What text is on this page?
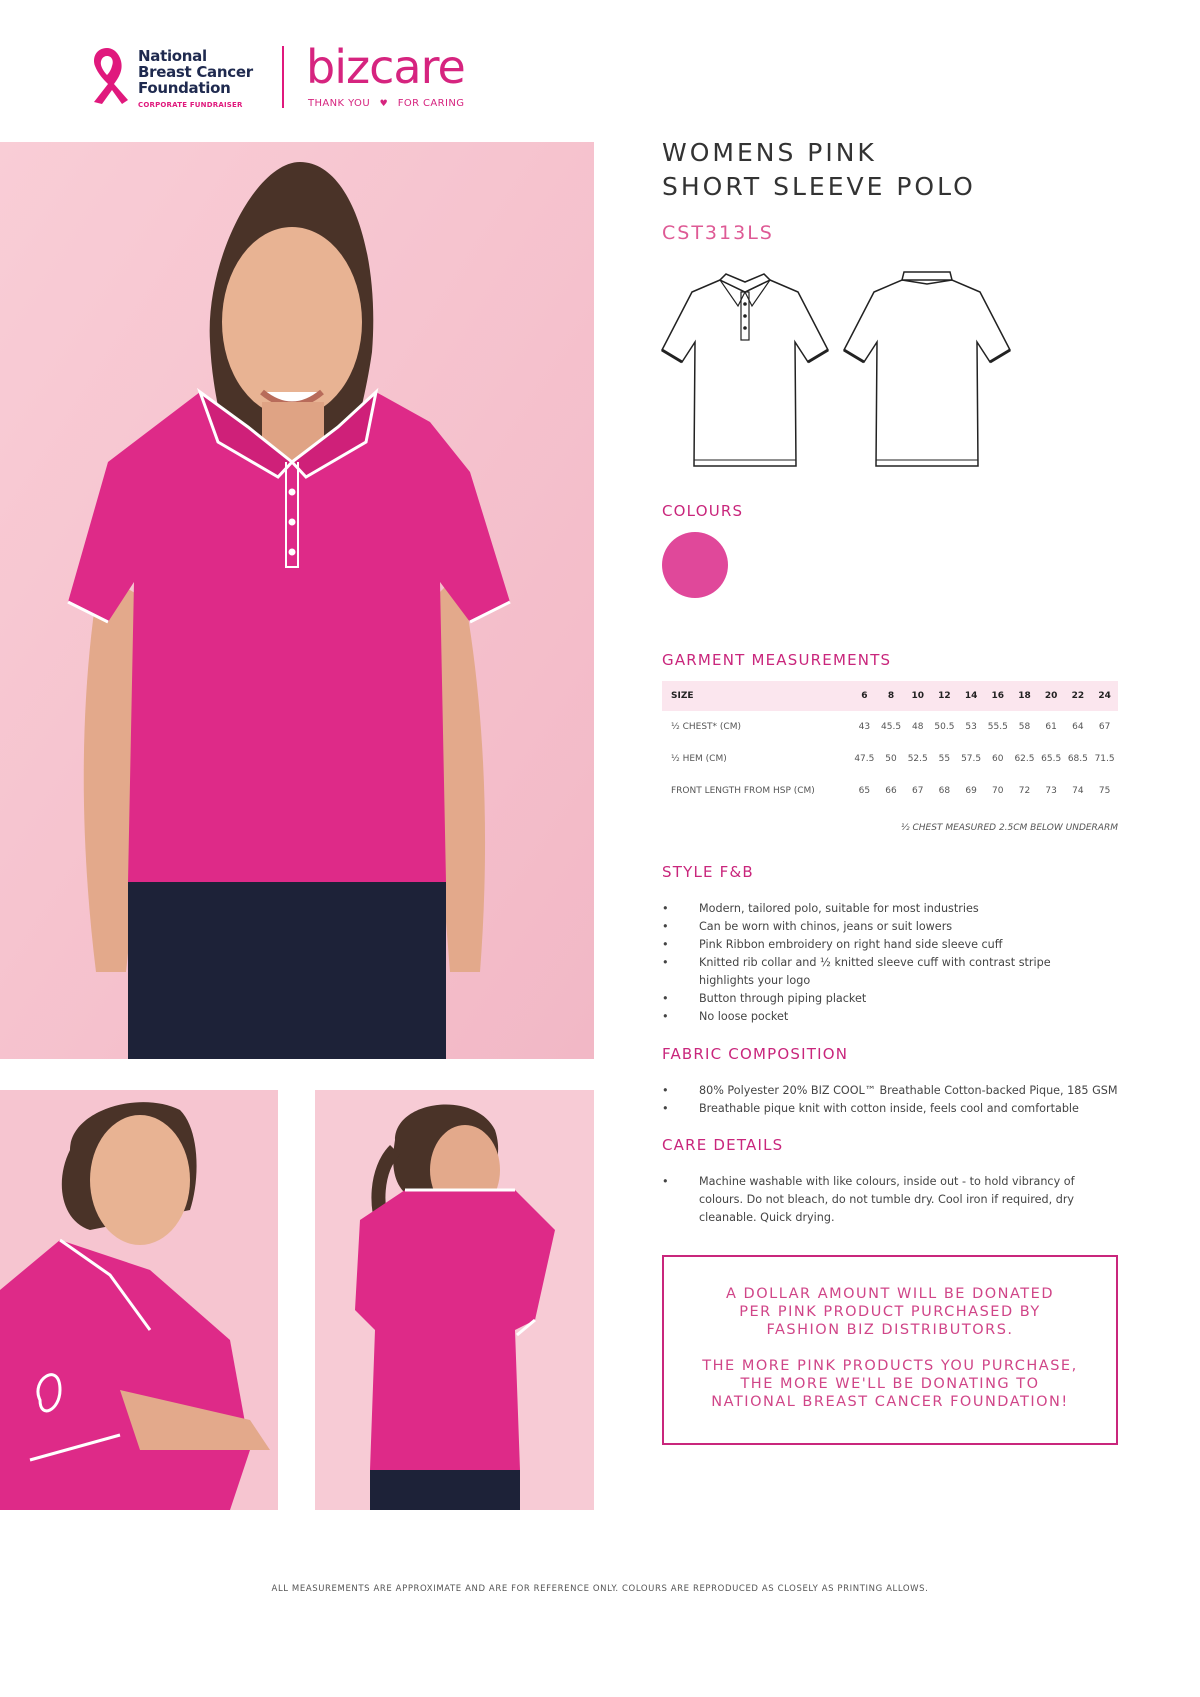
National
Breast Cancer
Foundation
CORPORATE FUNDRAISER
bizcare
THANK YOU ♥ FOR CARING
WOMENS PINK
SHORT SLEEVE POLO
CST313LS
COLOURS
GARMENT MEASUREMENTS
SIZE	6	8	10	12	14	16	18	20	22	24
½ CHEST* (CM)	43	45.5	48	50.5	53	55.5	58	61	64	67
½ HEM (CM)	47.5	50	52.5	55	57.5	60	62.5	65.5	68.5	71.5
FRONT LENGTH FROM HSP (CM)	65	66	67	68	69	70	72	73	74	75
½ CHEST MEASURED 2.5CM BELOW UNDERARM
STYLE F&B
• Modern, tailored polo, suitable for most industries
• Can be worn with chinos, jeans or suit lowers
• Pink Ribbon embroidery on right hand side sleeve cuff
• Knitted rib collar and ½ knitted sleeve cuff with contrast stripe highlights your logo
• Button through piping placket
• No loose pocket
FABRIC COMPOSITION
• 80% Polyester 20% BIZ COOL™ Breathable Cotton-backed Pique, 185 GSM
• Breathable pique knit with cotton inside, feels cool and comfortable
CARE DETAILS
• Machine washable with like colours, inside out - to hold vibrancy of colours. Do not bleach, do not tumble dry. Cool iron if required, dry cleanable. Quick drying.

A DOLLAR AMOUNT WILL BE DONATED

PER PINK PRODUCT PURCHASED BY

FASHION BIZ DISTRIBUTORS.

THE MORE PINK PRODUCTS YOU PURCHASE,

THE MORE WE'LL BE DONATING TO

NATIONAL BREAST CANCER FOUNDATION!

ALL MEASUREMENTS ARE APPROXIMATE AND ARE FOR REFERENCE ONLY. COLOURS ARE REPRODUCED AS CLOSELY AS PRINTING ALLOWS.
